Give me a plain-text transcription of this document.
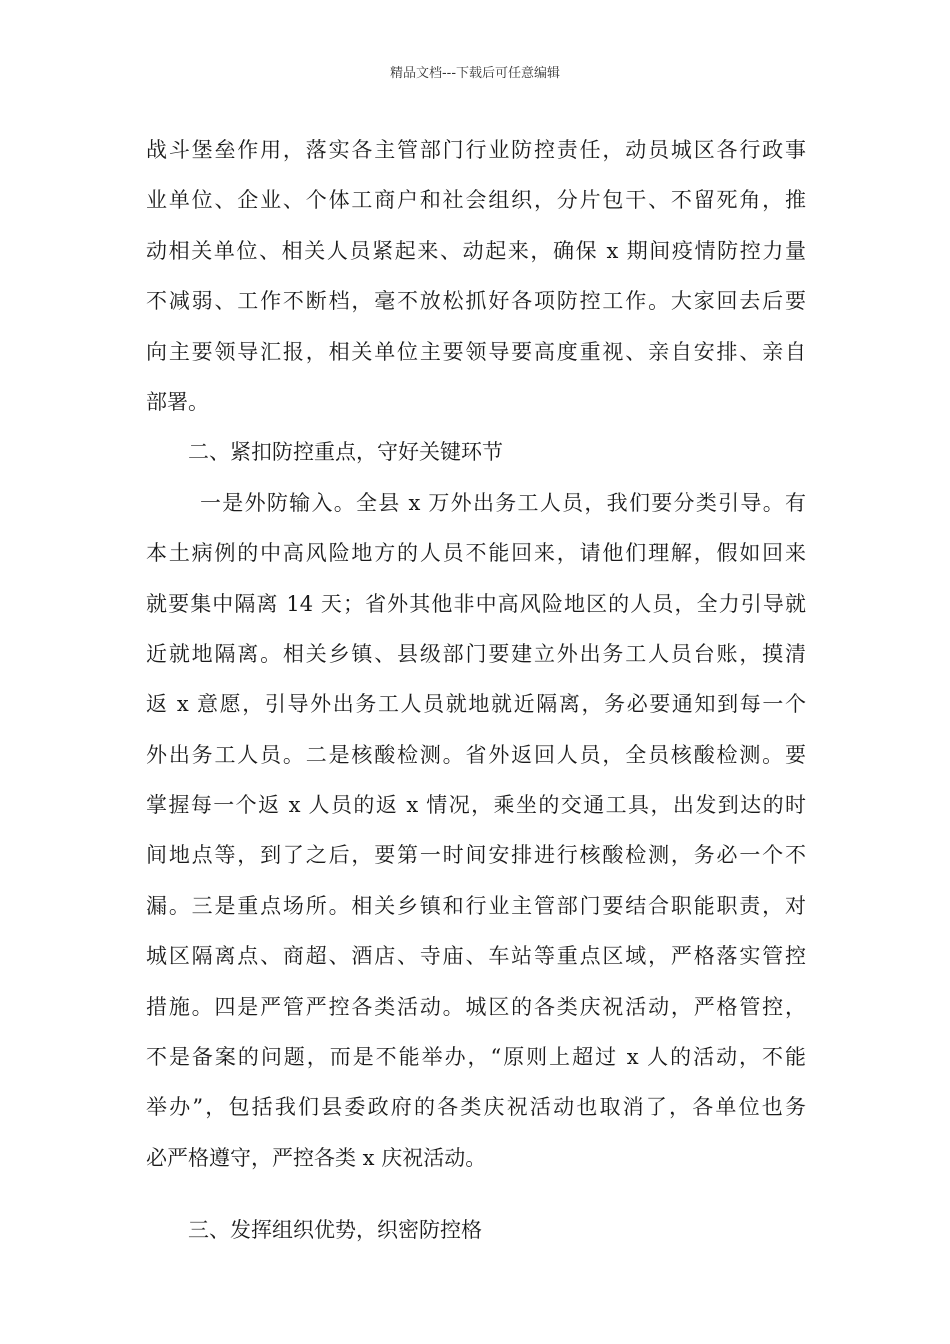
精品文档---下载后可任意编辑
战斗堡垒作用，落实各主管部门行业防控责任，动员城区各行政事
业单位、企业、个体工商户和社会组织，分片包干、不留死角，推
动相关单位、相关人员紧起来、动起来，确保 x 期间疫情防控力量
不减弱、工作不断档，毫不放松抓好各项防控工作。大家回去后要
向主要领导汇报，相关单位主要领导要高度重视、亲自安排、亲自
部署。
二、紧扣防控重点，守好关键环节
一是外防输入。全县 x 万外出务工人员，我们要分类引导。有
本土病例的中高风险地方的人员不能回来，请他们理解，假如回来
就要集中隔离 14 天；省外其他非中高风险地区的人员，全力引导就
近就地隔离。相关乡镇、县级部门要建立外出务工人员台账，摸清
返 x 意愿，引导外出务工人员就地就近隔离，务必要通知到每一个
外出务工人员。二是核酸检测。省外返回人员，全员核酸检测。要
掌握每一个返 x 人员的返 x 情况，乘坐的交通工具，出发到达的时
间地点等，到了之后，要第一时间安排进行核酸检测，务必一个不
漏。三是重点场所。相关乡镇和行业主管部门要结合职能职责，对
城区隔离点、商超、酒店、寺庙、车站等重点区域，严格落实管控
措施。四是严管严控各类活动。城区的各类庆祝活动，严格管控，
不是备案的问题，而是不能举办，“原则上超过 x 人的活动，不能
举办”，包括我们县委政府的各类庆祝活动也取消了，各单位也务
必严格遵守，严控各类 x 庆祝活动。
三、发挥组织优势，织密防控格
